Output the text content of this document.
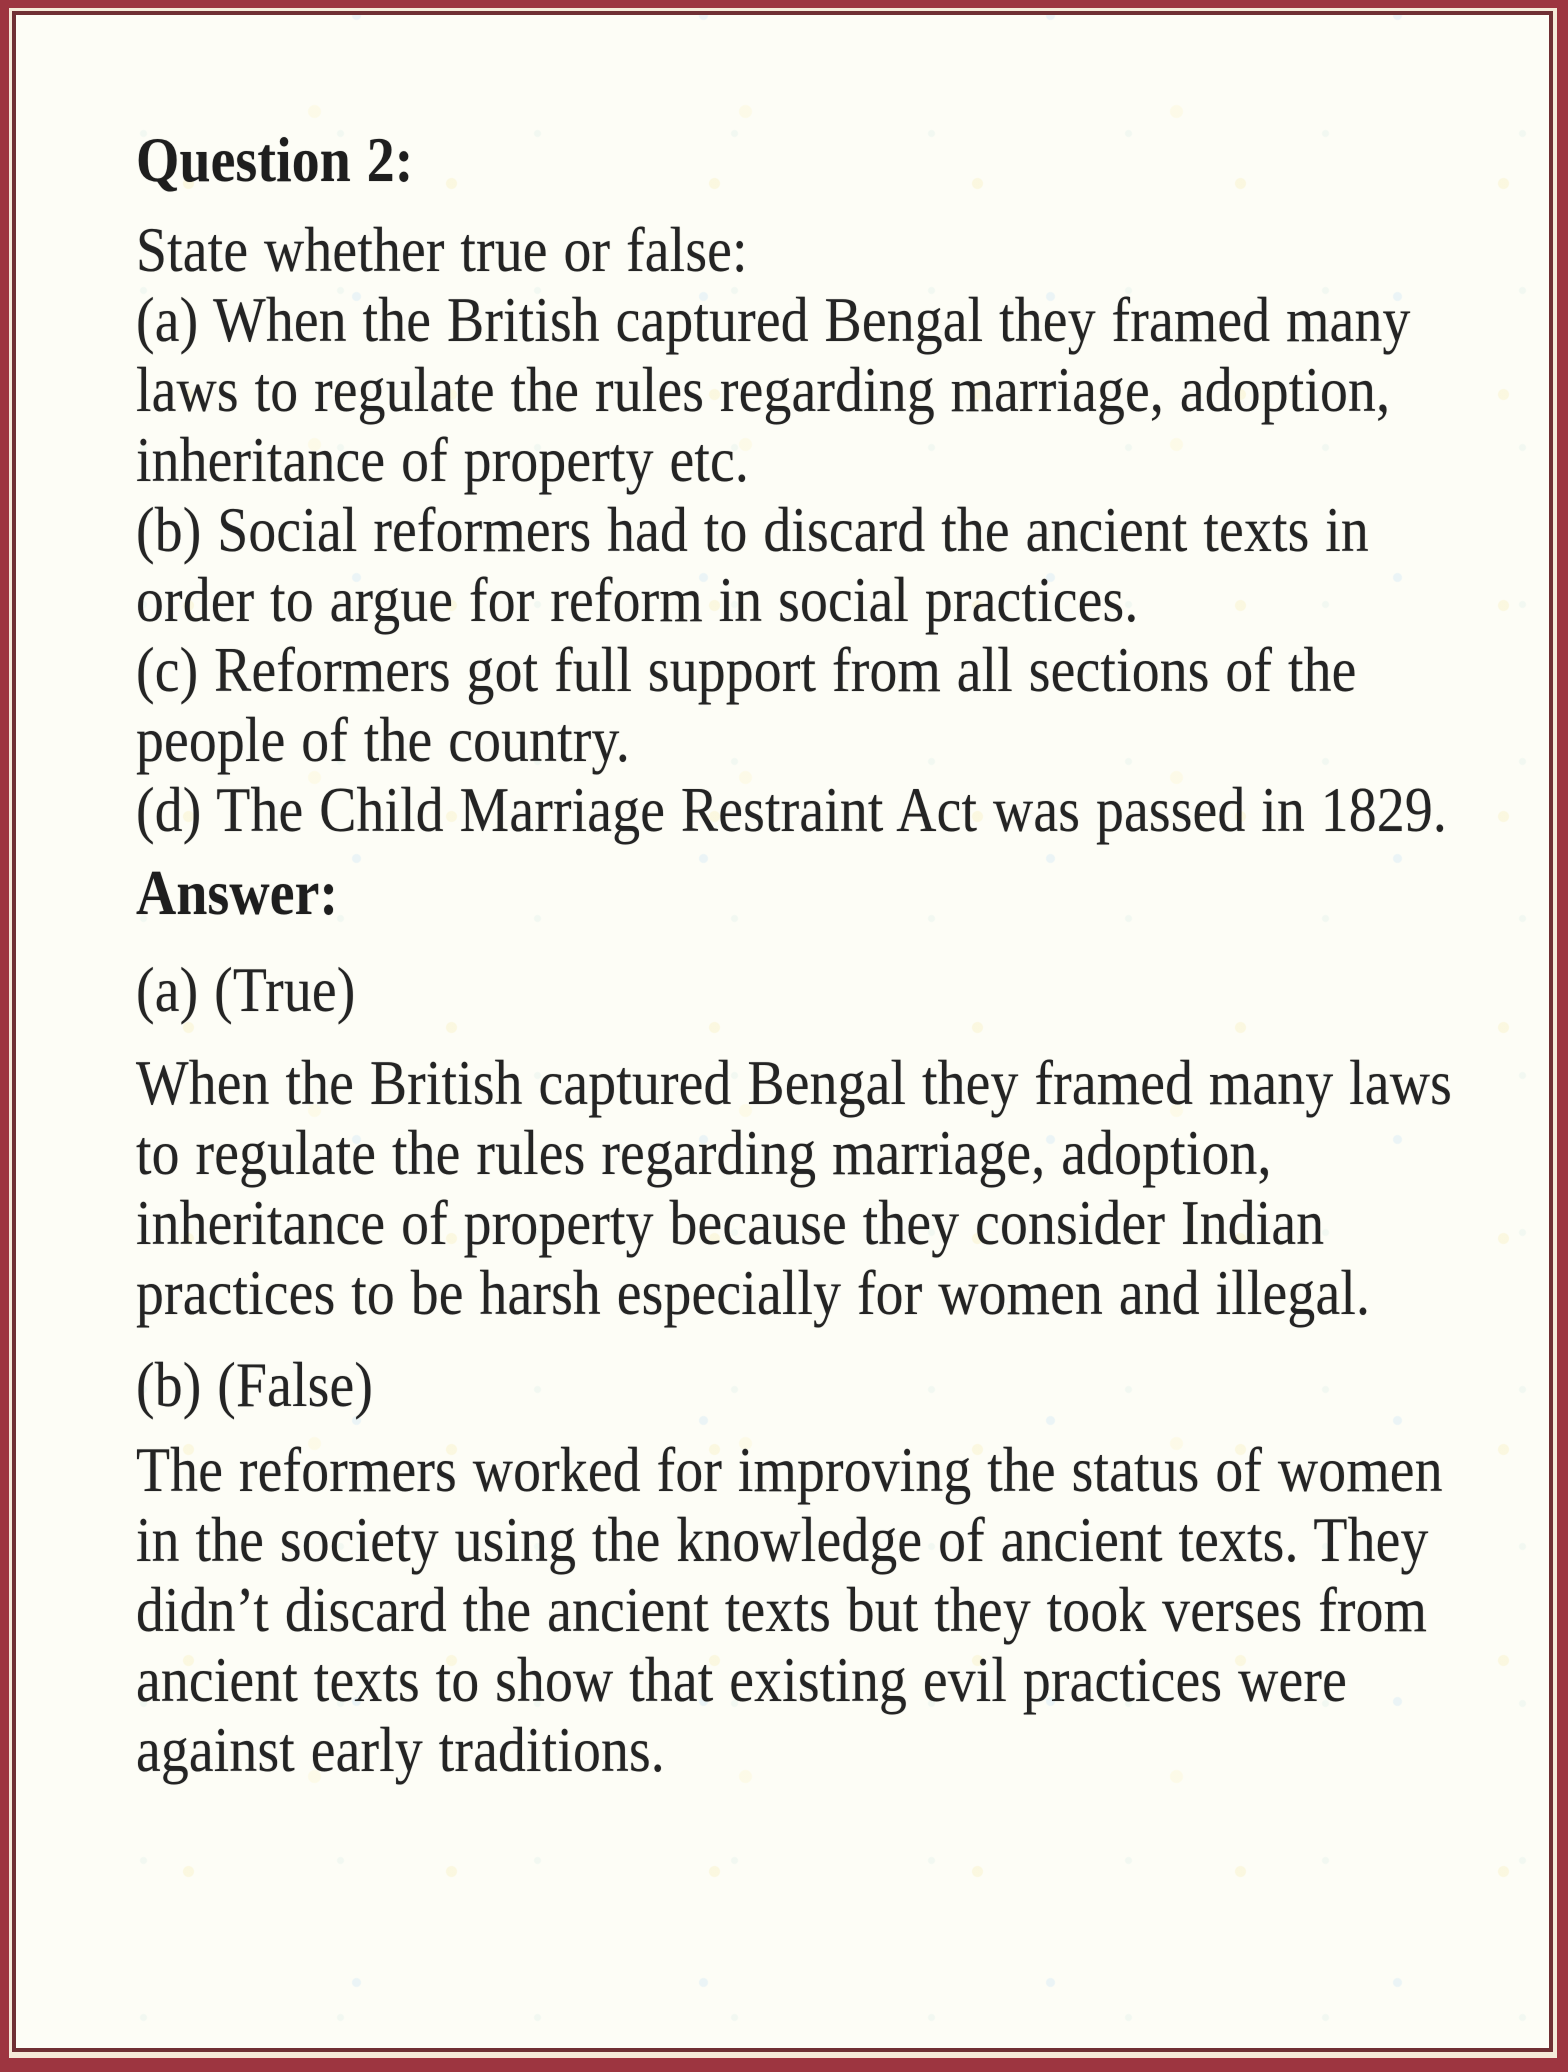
Question 2:
State whether true or false:
(a) When the British captured Bengal they framed many
laws to regulate the rules regarding marriage, adoption,
inheritance of property etc.
(b) Social reformers had to discard the ancient texts in
order to argue for reform in social practices.
(c) Reformers got full support from all sections of the
people of the country.
(d) The Child Marriage Restraint Act was passed in 1829.
Answer:
(a) (True)
When the British captured Bengal they framed many laws
to regulate the rules regarding marriage, adoption,
inheritance of property because they consider Indian
practices to be harsh especially for women and illegal.
(b) (False)
The reformers worked for improving the status of women
in the society using the knowledge of ancient texts. They
didn’t discard the ancient texts but they took verses from
ancient texts to show that existing evil practices were
against early traditions.
